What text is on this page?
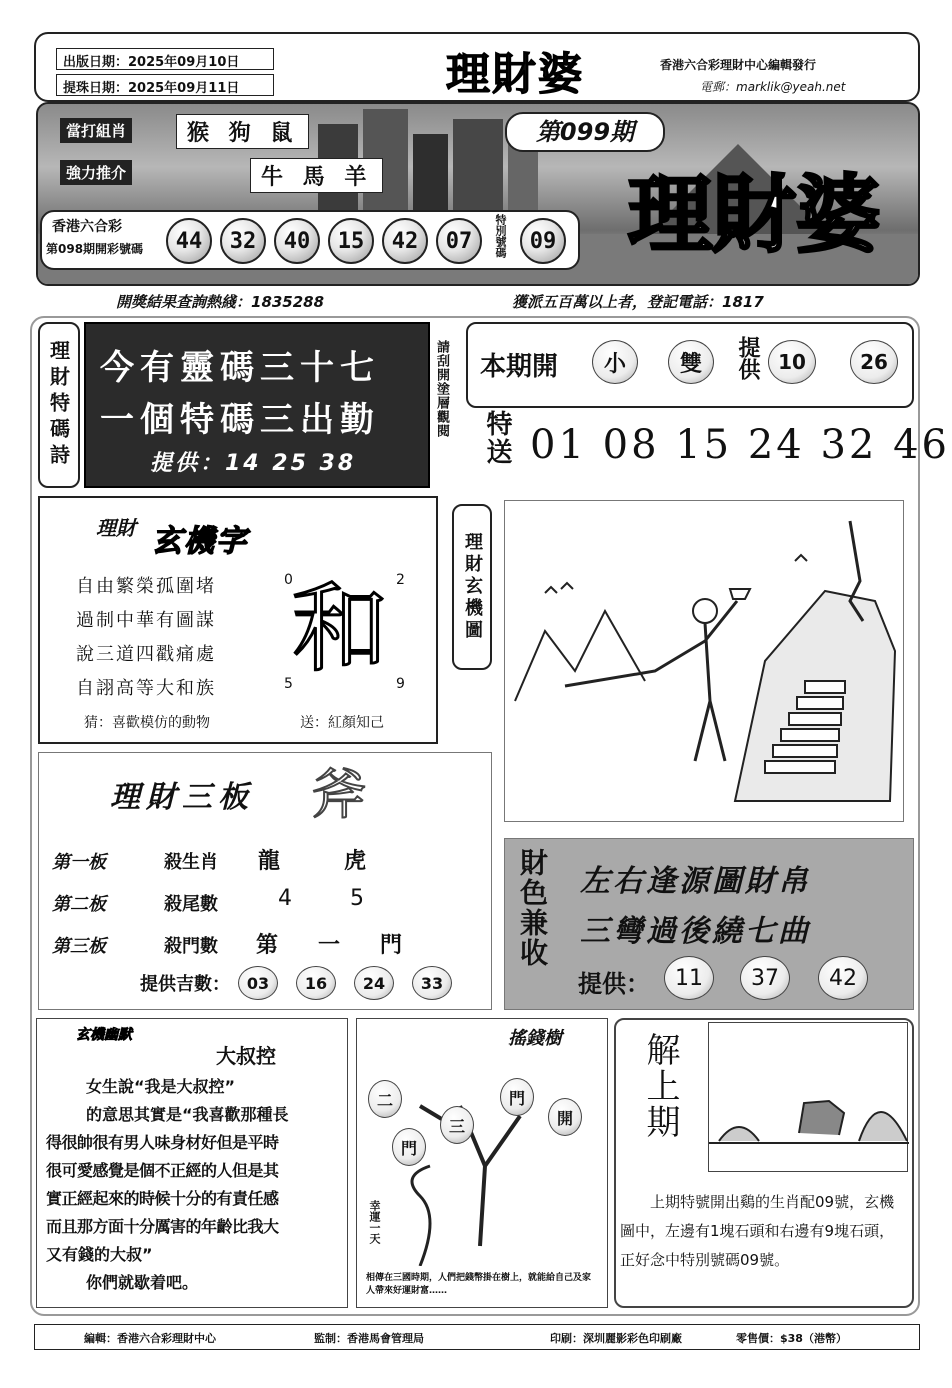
出版日期：2025年09月10日
提珠日期：2025年09月11日	理財婆	香港六合彩理財中心編輯發行
電郵：marklik@yeah.net
當打組肖	猴 狗 鼠
強力推介	牛 馬 羊
第099期
理財婆
香港六合彩
第098期開彩號碼	44	32	40	15	42	07	特別號碼	09
開獎結果查詢熱綫：1835288	獲派五百萬以上者，登記電話：1817
理財特碼詩 今有靈碼三十七
一個特碼三出勤
提供：14 25 38
請刮開塗層觀閱 本期開	小	雙	提供 10	26
特送 01 08 15 24 32 46
理財 玄機字
自由繁榮孤圍堵
過制中華有圖謀
說三道四戳痛處
自詡高等大和族
和
0	2
5	9
猜：喜歡模仿的動物	送：紅顏知己
理財玄機圖
理財三板 斧
第一板	殺生肖 龍	虎
第二板	殺尾數	4	5
第三板	殺門數 第 一 門
提供吉數：	03	16	24	33
財色兼收 左右逢源圖財帛
三彎過後繞七曲
提供：	11	37	42
玄機幽默
大叔控
女生說“我是大叔控”
的意思其實是“我喜歡那種長
得很帥很有男人味身材好但是平時
很可愛感覺是個不正經的人但是其
實正經起來的時候十分的有責任感
而且那方面十分厲害的年齡比我大
又有錢的大叔”
你們就歇着吧。
搖錢樹
二
門
三
門
開
幸運一天
相傳在三國時期，人們把錢幣掛在樹上，就能給自己及家人帶來好運財富……
解上期
上期特號開出鷄的生肖配09號，玄機圖中，左邊有1塊石頭和右邊有9塊石頭，正好念中特別號碼09號。
編輯：香港六合彩理財中心	監制：香港馬會管理局	印刷：深圳麗影彩色印刷廠	零售價：$38（港幣）
